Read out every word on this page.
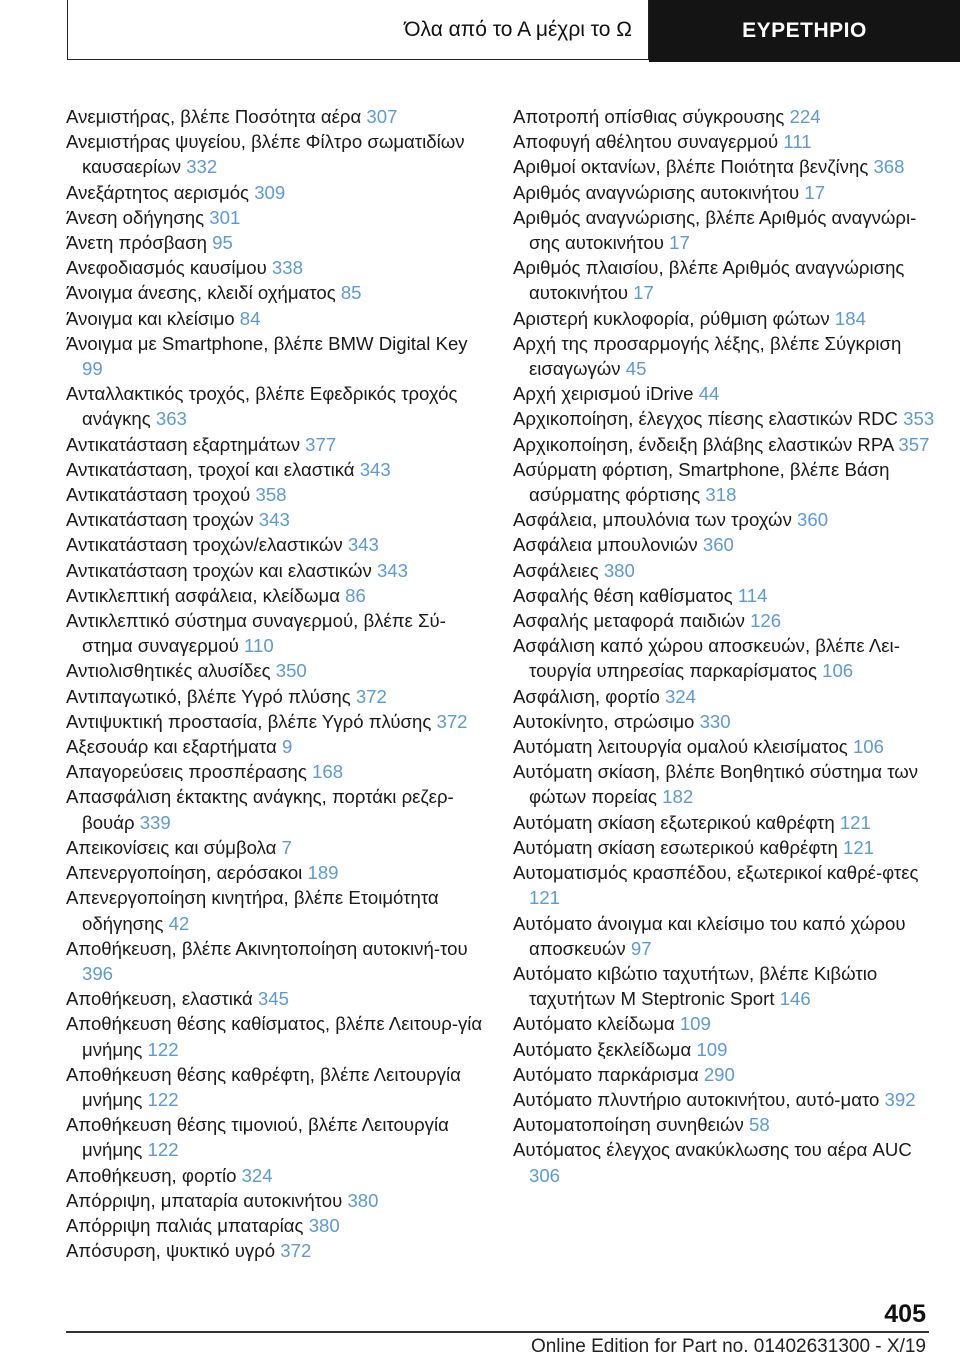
Όλα από το Α μέχρι το Ω	ΕΥΡΕΤΗΡΙΟ
Ανεμιστήρας, βλέπε Ποσότητα αέρα 307
Ανεμιστήρας ψυγείου, βλέπε Φίλτρο σωματιδίων καυσαερίων 332
Ανεξάρτητος αερισμός 309
Άνεση οδήγησης 301
Άνετη πρόσβαση 95
Ανεφοδιασμός καυσίμου 338
Άνοιγμα άνεσης, κλειδί οχήματος 85
Άνοιγμα και κλείσιμο 84
Άνοιγμα με Smartphone, βλέπε BMW Digital Key 99
Ανταλλακτικός τροχός, βλέπε Εφεδρικός τροχός ανάγκης 363
Αντικατάσταση εξαρτημάτων 377
Αντικατάσταση, τροχοί και ελαστικά 343
Αντικατάσταση τροχού 358
Αντικατάσταση τροχών 343
Αντικατάσταση τροχών/ελαστικών 343
Αντικατάσταση τροχών και ελαστικών 343
Αντικλεπτική ασφάλεια, κλείδωμα 86
Αντικλεπτικό σύστημα συναγερμού, βλέπε Σύ-στημα συναγερμού 110
Αντιολισθητικές αλυσίδες 350
Αντιπαγωτικό, βλέπε Υγρό πλύσης 372
Αντιψυκτική προστασία, βλέπε Υγρό πλύσης 372
Αξεσουάρ και εξαρτήματα 9
Απαγορεύσεις προσπέρασης 168
Απασφάλιση έκτακτης ανάγκης, πορτάκι ρεζερ-βουάρ 339
Απεικονίσεις και σύμβολα 7
Απενεργοποίηση, αερόσακοι 189
Απενεργοποίηση κινητήρα, βλέπε Ετοιμότητα οδήγησης 42
Αποθήκευση, βλέπε Ακινητοποίηση αυτοκινή-του 396
Αποθήκευση, ελαστικά 345
Αποθήκευση θέσης καθίσματος, βλέπε Λειτουρ-γία μνήμης 122
Αποθήκευση θέσης καθρέφτη, βλέπε Λειτουργία μνήμης 122
Αποθήκευση θέσης τιμονιού, βλέπε Λειτουργία μνήμης 122
Αποθήκευση, φορτίο 324
Απόρριψη, μπαταρία αυτοκινήτου 380
Απόρριψη παλιάς μπαταρίας 380
Απόσυρση, ψυκτικό υγρό 372
Αποτροπή οπίσθιας σύγκρουσης 224
Αποφυγή αθέλητου συναγερμού 111
Αριθμοί οκτανίων, βλέπε Ποιότητα βενζίνης 368
Αριθμός αναγνώρισης αυτοκινήτου 17
Αριθμός αναγνώρισης, βλέπε Αριθμός αναγνώρι-σης αυτοκινήτου 17
Αριθμός πλαισίου, βλέπε Αριθμός αναγνώρισης αυτοκινήτου 17
Αριστερή κυκλοφορία, ρύθμιση φώτων 184
Αρχή της προσαρμογής λέξης, βλέπε Σύγκριση εισαγωγών 45
Αρχή χειρισμού iDrive 44
Αρχικοποίηση, έλεγχος πίεσης ελαστικών RDC 353
Αρχικοποίηση, ένδειξη βλάβης ελαστικών RPA 357
Ασύρματη φόρτιση, Smartphone, βλέπε Βάση ασύρματης φόρτισης 318
Ασφάλεια, μπουλόνια των τροχών 360
Ασφάλεια μπουλονιών 360
Ασφάλειες 380
Ασφαλής θέση καθίσματος 114
Ασφαλής μεταφορά παιδιών 126
Ασφάλιση καπό χώρου αποσκευών, βλέπε Λει-τουργία υπηρεσίας παρκαρίσματος 106
Ασφάλιση, φορτίο 324
Αυτοκίνητο, στρώσιμο 330
Αυτόματη λειτουργία ομαλού κλεισίματος 106
Αυτόματη σκίαση, βλέπε Βοηθητικό σύστημα των φώτων πορείας 182
Αυτόματη σκίαση εξωτερικού καθρέφτη 121
Αυτόματη σκίαση εσωτερικού καθρέφτη 121
Αυτοματισμός κρασπέδου, εξωτερικοί καθρέ-φτες 121
Αυτόματο άνοιγμα και κλείσιμο του καπό χώρου αποσκευών 97
Αυτόματο κιβώτιο ταχυτήτων, βλέπε Κιβώτιο ταχυτήτων M Steptronic Sport 146
Αυτόματο κλείδωμα 109
Αυτόματο ξεκλείδωμα 109
Αυτόματο παρκάρισμα 290
Αυτόματο πλυντήριο αυτοκινήτου, αυτό-ματο 392
Αυτοματοποίηση συνηθειών 58
Αυτόματος έλεγχος ανακύκλωσης του αέρα AUC 306
405
Online Edition for Part no. 01402631300 - X/19
